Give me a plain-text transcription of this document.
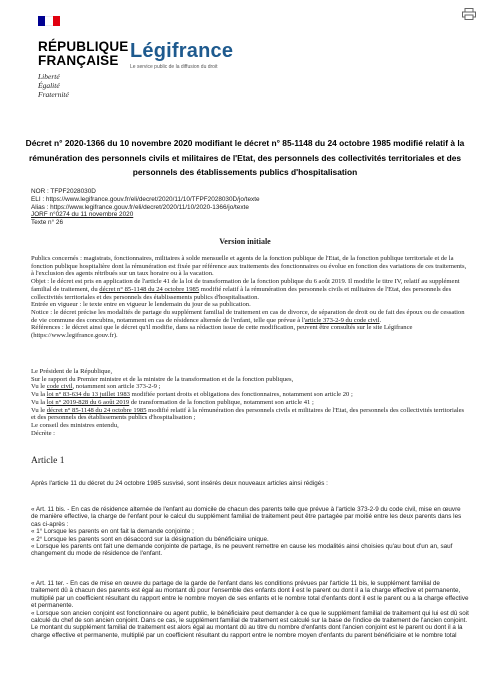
RÉPUBLIQUE
FRANÇAISE
Liberté
Égalité
Fraternité
Légifrance
Le service public de la diffusion du droit
Décret n° 2020-1366 du 10 novembre 2020 modifiant le décret n° 85-1148 du 24 octobre 1985 modifié relatif à la rémunération des personnels civils et militaires de l'Etat, des personnels des collectivités territoriales et des personnels des établissements publics d'hospitalisation
NOR : TFPF2028030D
ELI : https://www.legifrance.gouv.fr/eli/decret/2020/11/10/TFPF2028030D/jo/texte
Alias : https://www.legifrance.gouv.fr/eli/decret/2020/11/10/2020-1366/jo/texte
JORF n°0274 du 11 novembre 2020
Texte n° 26
Version initiale

Publics concernés : magistrats, fonctionnaires, militaires à solde mensuelle et agents de la fonction publique de l'Etat, de la fonction publique territoriale et de la fonction publique hospitalière dont la rémunération est fixée par référence aux traitements des fonctionnaires ou évolue en fonction des variations de ces traitements, à l'exclusion des agents rétribués sur un taux horaire ou à la vacation.

Objet : le décret est pris en application de l'article 41 de la loi de transformation de la fonction publique du 6 août 2019. Il modifie le titre IV, relatif au supplément familial de traitement, du décret n° 85-1148 du 24 octobre 1985 modifié relatif à la rémunération des personnels civils et militaires de l'Etat, des personnels des collectivités territoriales et des personnels des établissements publics d'hospitalisation.

Entrée en vigueur : le texte entre en vigueur le lendemain du jour de sa publication.

Notice : le décret précise les modalités de partage du supplément familial de traitement en cas de divorce, de séparation de droit ou de fait des époux ou de cessation de vie commune des concubins, notamment en cas de résidence alternée de l'enfant, telle que prévue à l'article 373-2-9 du code civil.

Références : le décret ainsi que le décret qu'il modifie, dans sa rédaction issue de cette modification, peuvent être consultés sur le site Légifrance (https://www.legifrance.gouv.fr).

Le Président de la République,

Sur le rapport du Premier ministre et de la ministre de la transformation et de la fonction publiques,

Vu le code civil, notamment son article 373-2-9 ;

Vu la loi n° 83-634 du 13 juillet 1983 modifiée portant droits et obligations des fonctionnaires, notamment son article 20 ;

Vu la loi n° 2019-828 du 6 août 2019 de transformation de la fonction publique, notamment son article 41 ;

Vu le décret n° 85-1148 du 24 octobre 1985 modifié relatif à la rémunération des personnels civils et militaires de l'Etat, des personnels des collectivités territoriales et des personnels des établissements publics d'hospitalisation ;

Le conseil des ministres entendu,

Décrète :

Article 1

Après l'article 11 du décret du 24 octobre 1985 susvisé, sont insérés deux nouveaux articles ainsi rédigés :

« Art. 11 bis. - En cas de résidence alternée de l'enfant au domicile de chacun des parents telle que prévue à l'article 373-2-9 du code civil, mise en œuvre de manière effective, la charge de l'enfant pour le calcul du supplément familial de traitement peut être partagée par moitié entre les deux parents dans les cas ci-après :

« 1° Lorsque les parents en ont fait la demande conjointe ;

« 2° Lorsque les parents sont en désaccord sur la désignation du bénéficiaire unique.

« Lorsque les parents ont fait une demande conjointe de partage, ils ne peuvent remettre en cause les modalités ainsi choisies qu'au bout d'un an, sauf changement du mode de résidence de l'enfant.

« Art. 11 ter. - En cas de mise en œuvre du partage de la garde de l'enfant dans les conditions prévues par l'article 11 bis, le supplément familial de traitement dû à chacun des parents est égal au montant dû pour l'ensemble des enfants dont il est le parent ou dont il a la charge effective et permanente, multiplié par un coefficient résultant du rapport entre le nombre moyen de ses enfants et le nombre total d'enfants dont il est le parent ou a la charge effective et permanente.

« Lorsque son ancien conjoint est fonctionnaire ou agent public, le bénéficiaire peut demander à ce que le supplément familial de traitement qui lui est dû soit calculé du chef de son ancien conjoint. Dans ce cas, le supplément familial de traitement est calculé sur la base de l'indice de traitement de l'ancien conjoint. Le montant du supplément familial de traitement est alors égal au montant dû au titre du nombre d'enfants dont l'ancien conjoint est le parent ou dont il a la charge effective et permanente, multiplié par un coefficient résultant du rapport entre le nombre moyen d'enfants du parent bénéficiaire et le nombre total
